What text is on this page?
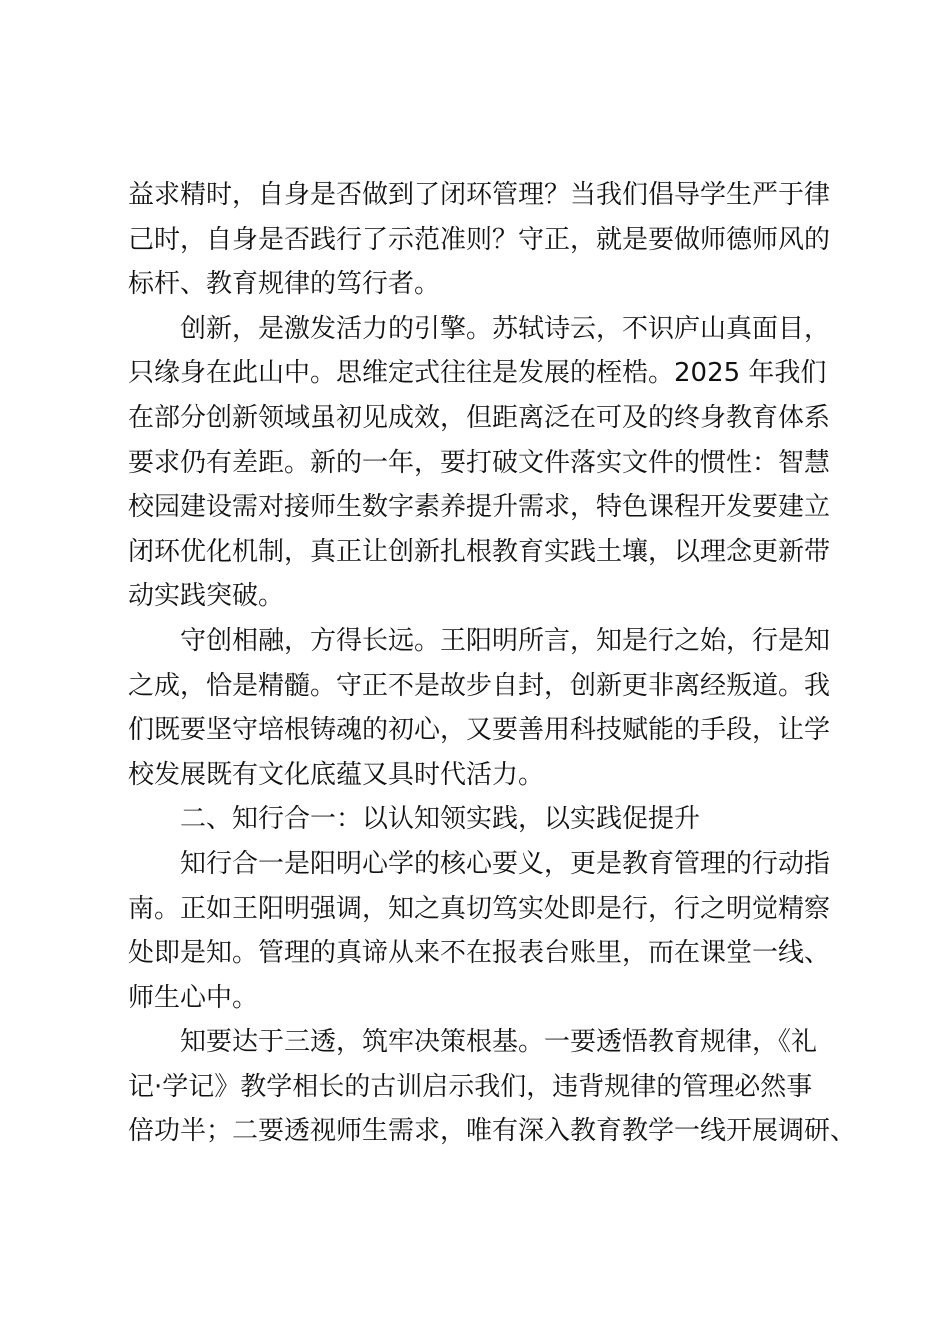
益求精时，自身是否做到了闭环管理？当我们倡导学生严于律
己时，自身是否践行了示范准则？守正，就是要做师德师风的
标杆、教育规律的笃行者。
创新，是激发活力的引擎。苏轼诗云，不识庐山真面目，
只缘身在此山中。思维定式往往是发展的桎梏。2025 年我们
在部分创新领域虽初见成效，但距离泛在可及的终身教育体系
要求仍有差距。新的一年，要打破文件落实文件的惯性：智慧
校园建设需对接师生数字素养提升需求，特色课程开发要建立
闭环优化机制，真正让创新扎根教育实践土壤，以理念更新带
动实践突破。
守创相融，方得长远。王阳明所言，知是行之始，行是知
之成，恰是精髓。守正不是故步自封，创新更非离经叛道。我
们既要坚守培根铸魂的初心，又要善用科技赋能的手段，让学
校发展既有文化底蕴又具时代活力。
二、知行合一：以认知领实践，以实践促提升
知行合一是阳明心学的核心要义，更是教育管理的行动指
南。正如王阳明强调，知之真切笃实处即是行，行之明觉精察
处即是知。管理的真谛从来不在报表台账里，而在课堂一线、
师生心中。
知要达于三透，筑牢决策根基。一要透悟教育规律，《礼
记·学记》教学相长的古训启示我们，违背规律的管理必然事
倍功半；二要透视师生需求，唯有深入教育教学一线开展调研、
